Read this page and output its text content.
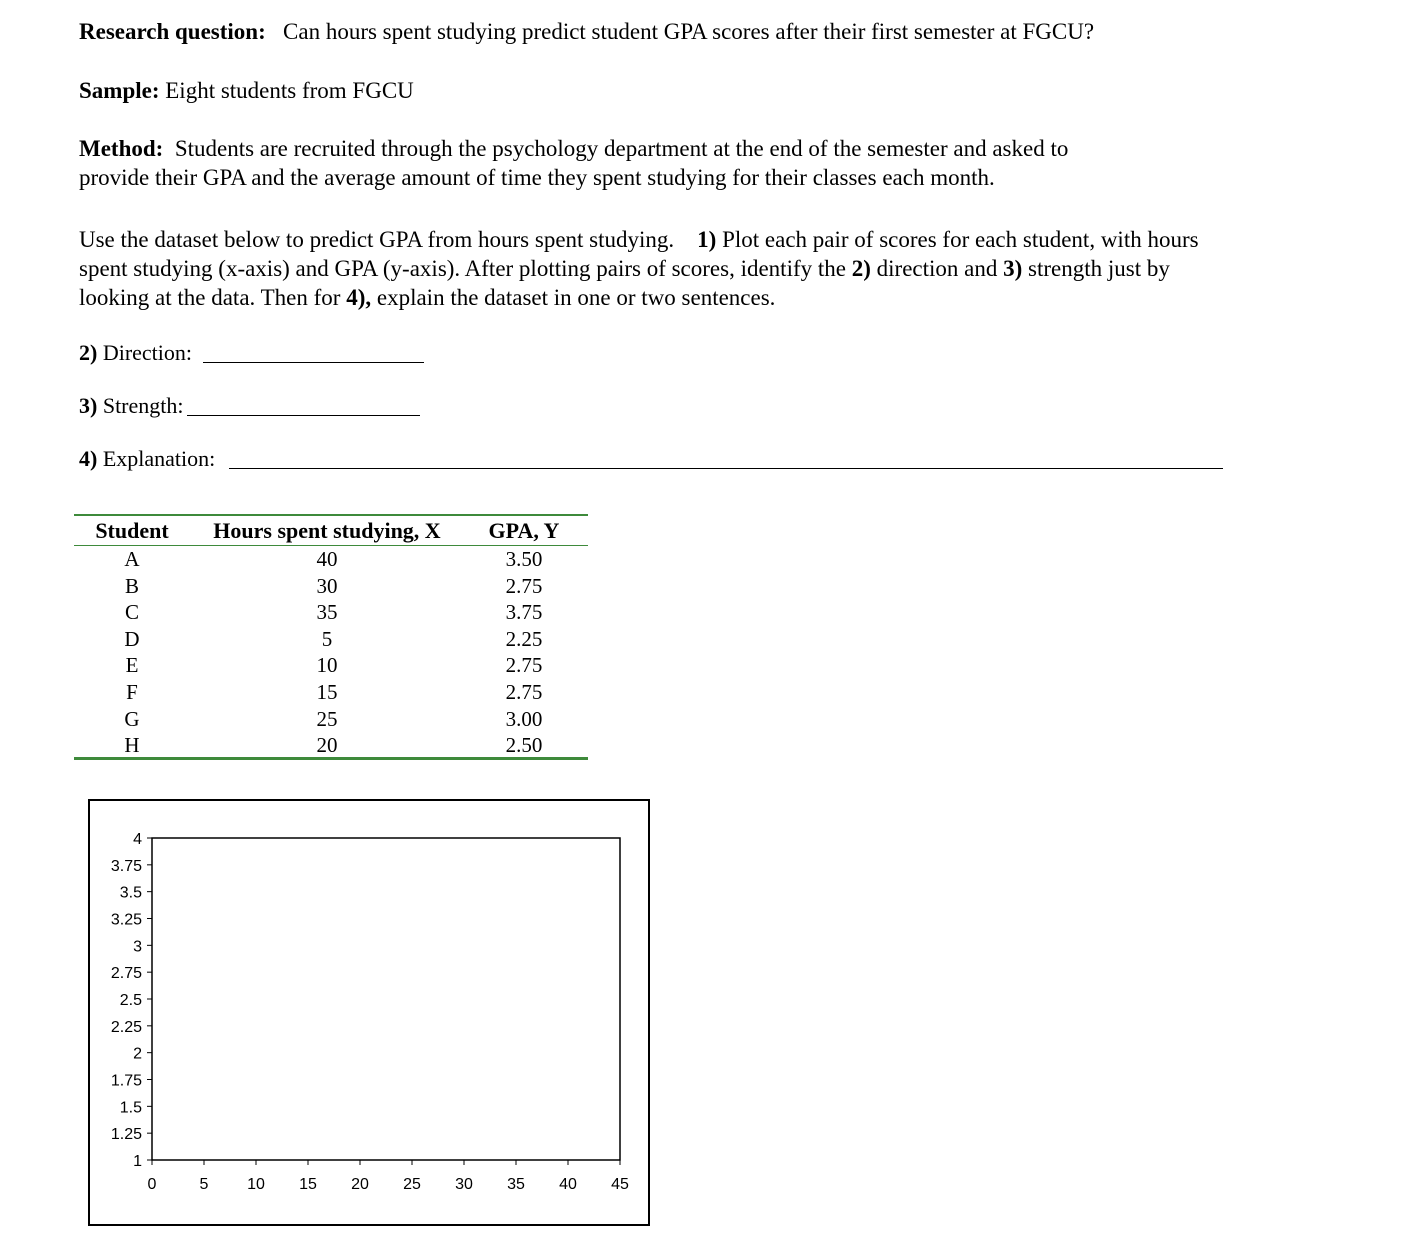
Research question: Can hours spent studying predict student GPA scores after their first semester at FGCU?
Sample: Eight students from FGCU
Method: Students are recruited through the psychology department at the end of the semester and asked to
provide their GPA and the average amount of time they spent studying for their classes each month.
Use the dataset below to predict GPA from hours spent studying. 1) Plot each pair of scores for each student, with hours
spent studying (x-axis) and GPA (y-axis). After plotting pairs of scores, identify the 2) direction and 3) strength just by
looking at the data. Then for 4), explain the dataset in one or two sentences.
2) Direction:
3) Strength:
4) Explanation:
Student	Hours spent studying, X	GPA, Y
A	40	3.50
B	30	2.75
C	35	3.75
D	5	2.25
E	10	2.75
F	15	2.75
G	25	3.00
H	20	2.50
4
3.75
3.5
3.25
3
2.75
2.5
2.25
2
1.75
1.5
1.25
1
0	5 10 15 20 25 30 35 40 45
